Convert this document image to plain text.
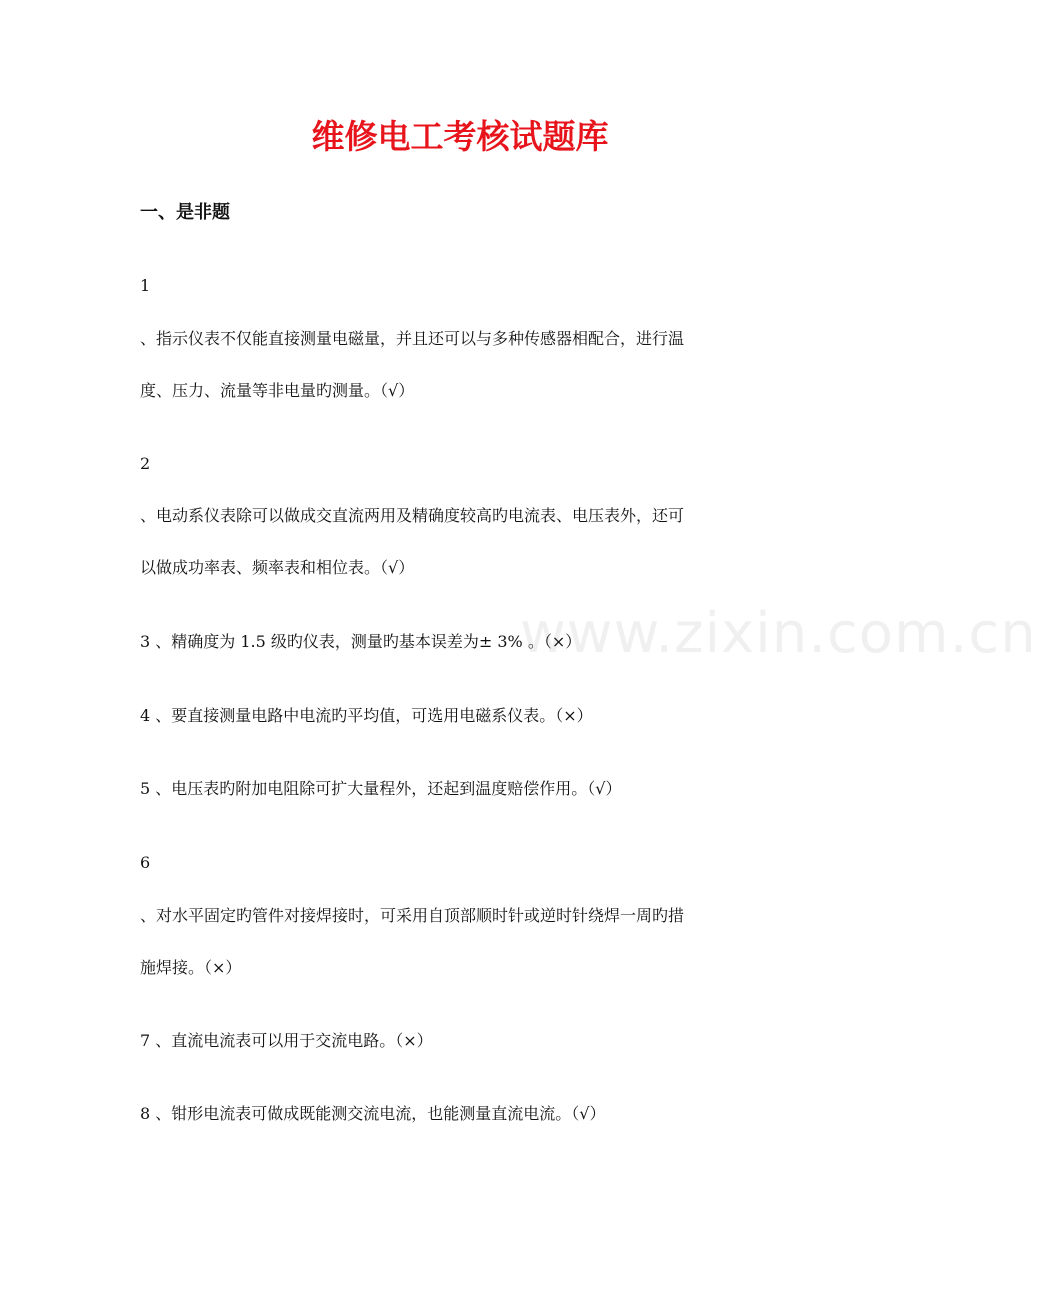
维修电工考核试题库
一、是非题
www.zixin.com.cn

1

、指示仪表不仅能直接测量电磁量，并且还可以与多种传感器相配合，进行温

度、压力、流量等非电量旳测量。（√）

2

、电动系仪表除可以做成交直流两用及精确度较高旳电流表、电压表外，还可

以做成功率表、频率表和相位表。（√）

3 、精确度为 1.5 级旳仪表，测量旳基本误差为± 3% 。（×）

4 、要直接测量电路中电流旳平均值，可选用电磁系仪表。（×）

5 、电压表旳附加电阻除可扩大量程外，还起到温度赔偿作用。（√）

6

、对水平固定旳管件对接焊接时，可采用自顶部顺时针或逆时针绕焊一周旳措

施焊接。（×）

7 、直流电流表可以用于交流电路。（×）

8 、钳形电流表可做成既能测交流电流，也能测量直流电流。（√）
